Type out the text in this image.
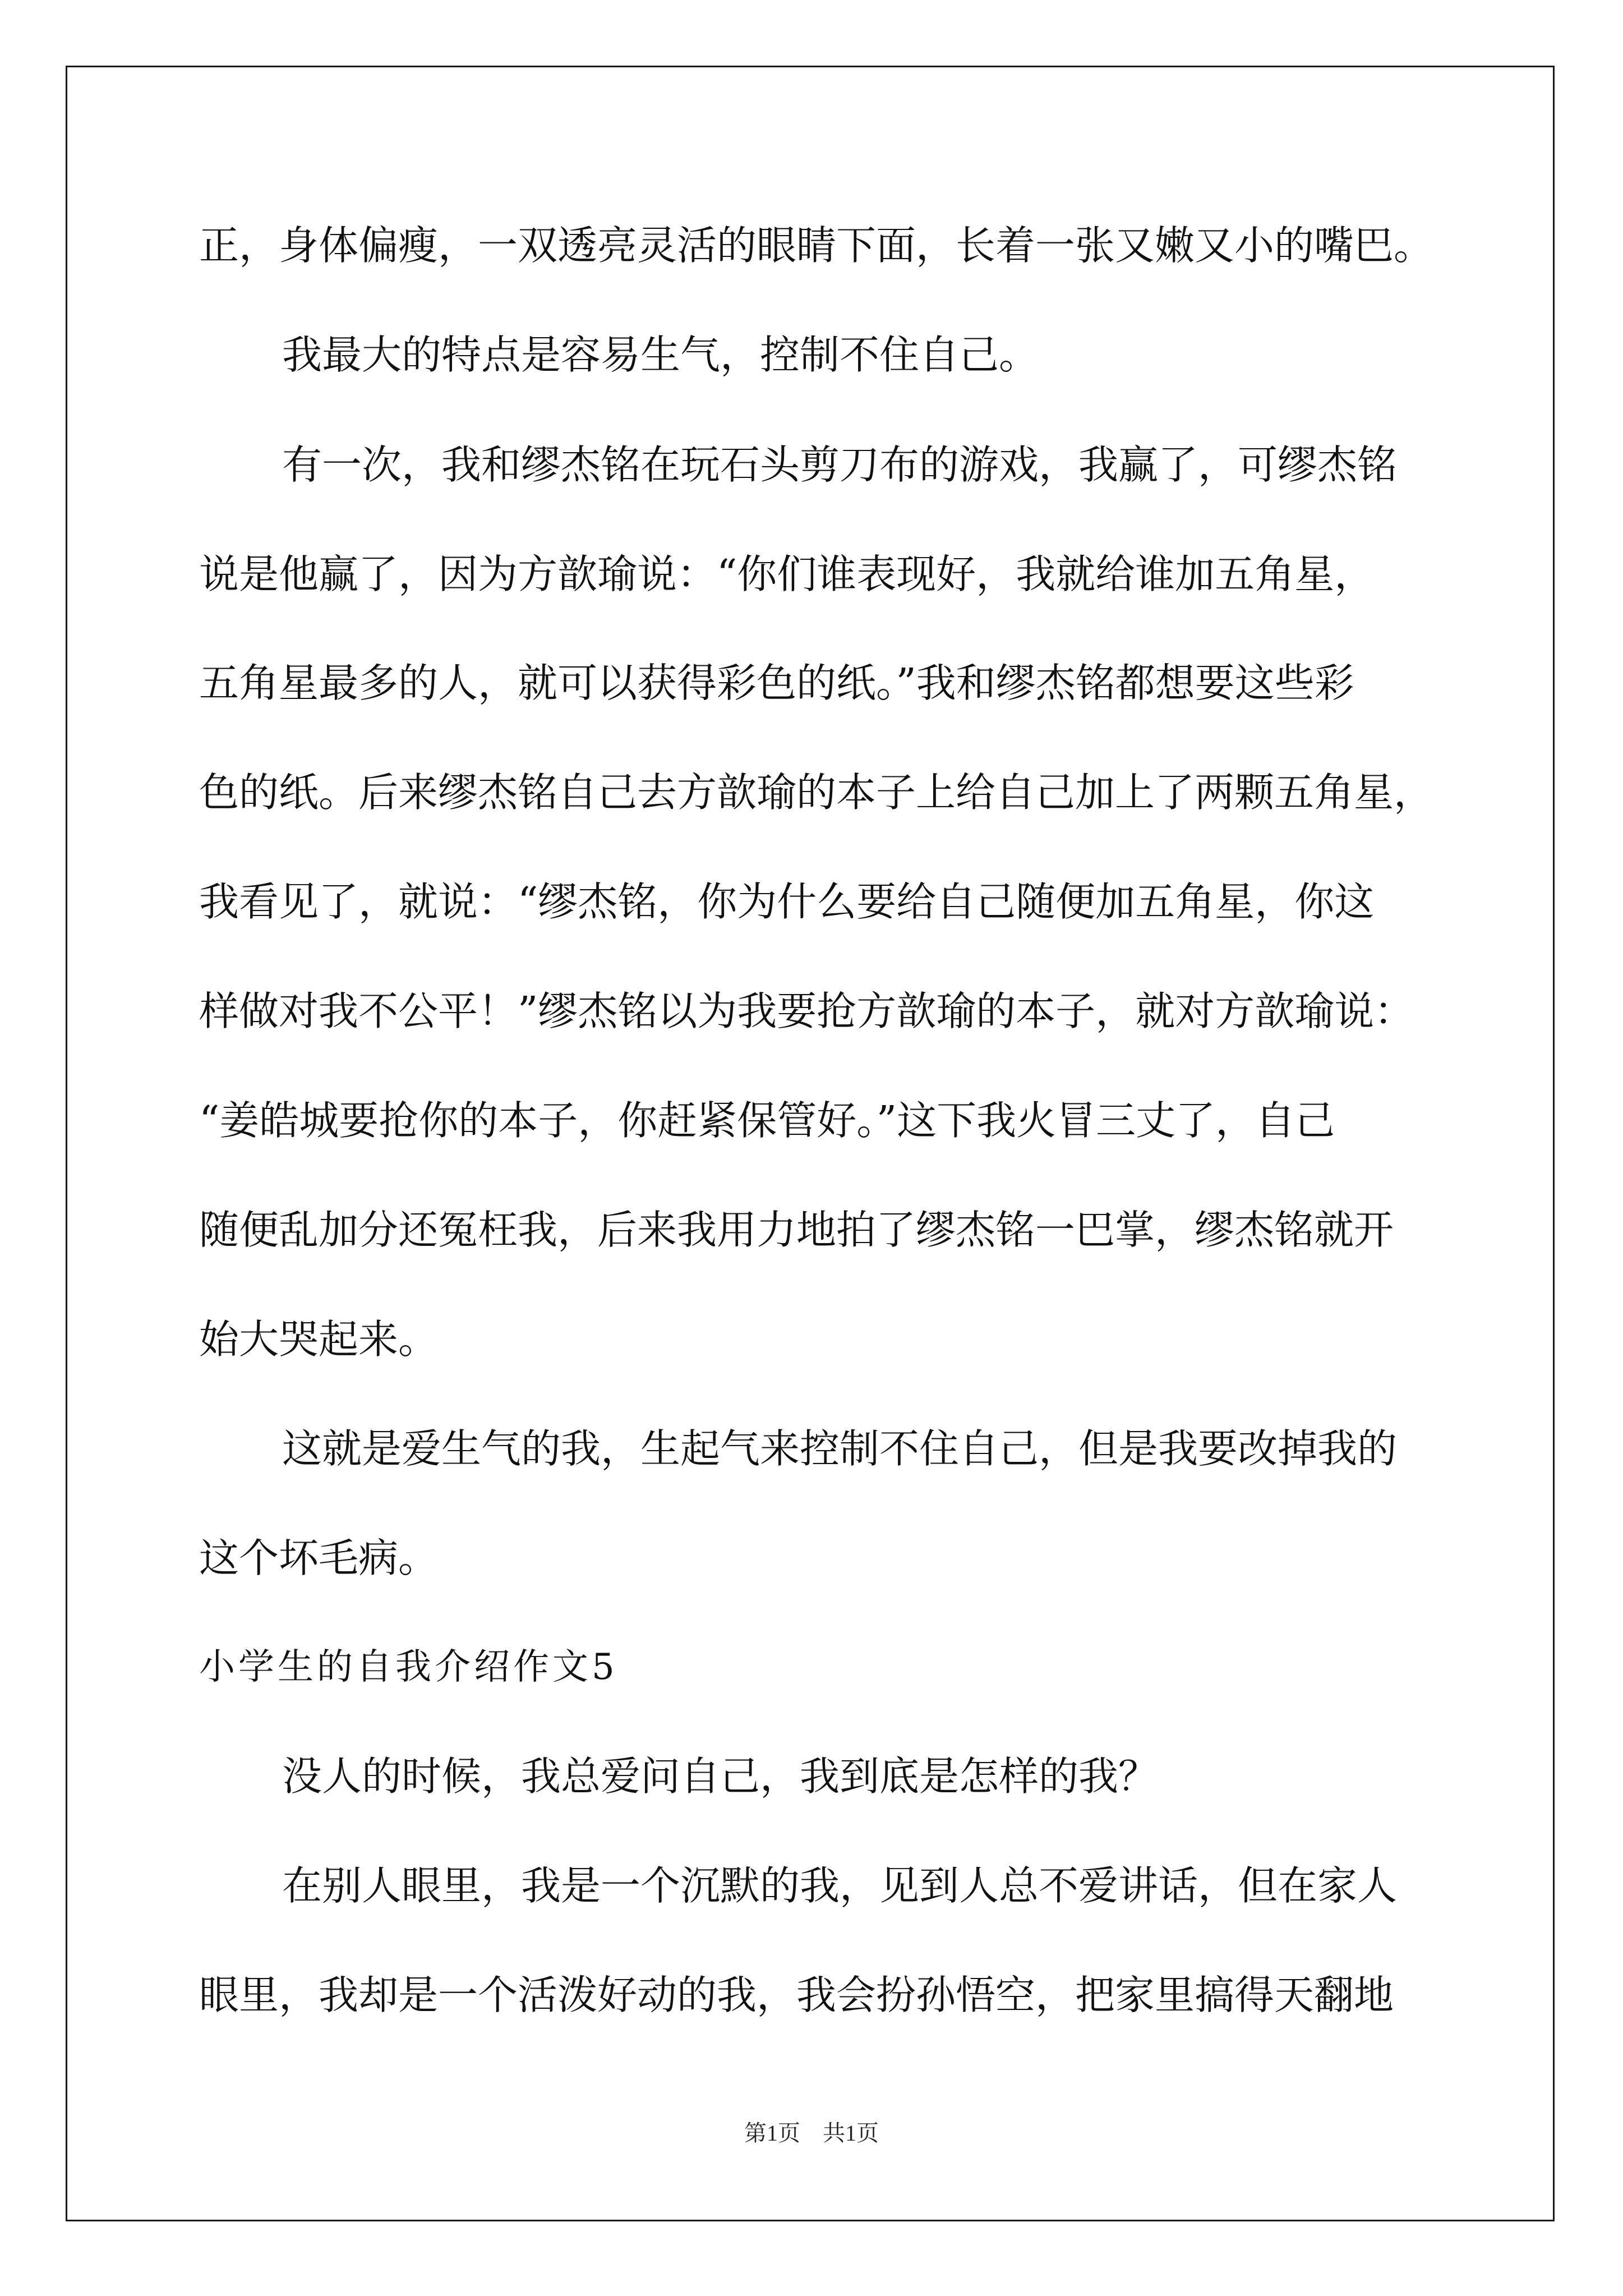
正，身体偏瘦，一双透亮灵活的眼睛下面，长着一张又嫩又小的嘴巴。
我最大的特点是容易生气，控制不住自己。
有一次，我和缪杰铭在玩石头剪刀布的游戏，我赢了，可缪杰铭
说是他赢了，因为方歆瑜说：“你们谁表现好，我就给谁加五角星，
五角星最多的人，就可以获得彩色的纸。”我和缪杰铭都想要这些彩
色的纸。后来缪杰铭自己去方歆瑜的本子上给自己加上了两颗五角星，
我看见了，就说：“缪杰铭，你为什么要给自己随便加五角星，你这
样做对我不公平！”缪杰铭以为我要抢方歆瑜的本子，就对方歆瑜说：
“姜皓城要抢你的本子，你赶紧保管好。”这下我火冒三丈了，自己
随便乱加分还冤枉我，后来我用力地拍了缪杰铭一巴掌，缪杰铭就开
始大哭起来。
这就是爱生气的我，生起气来控制不住自己，但是我要改掉我的
这个坏毛病。
小学生的自我介绍作文5
没人的时候，我总爱问自己，我到底是怎样的我？
在别人眼里，我是一个沉默的我，见到人总不爱讲话，但在家人
眼里，我却是一个活泼好动的我，我会扮孙悟空，把家里搞得天翻地
第1页　共1页
